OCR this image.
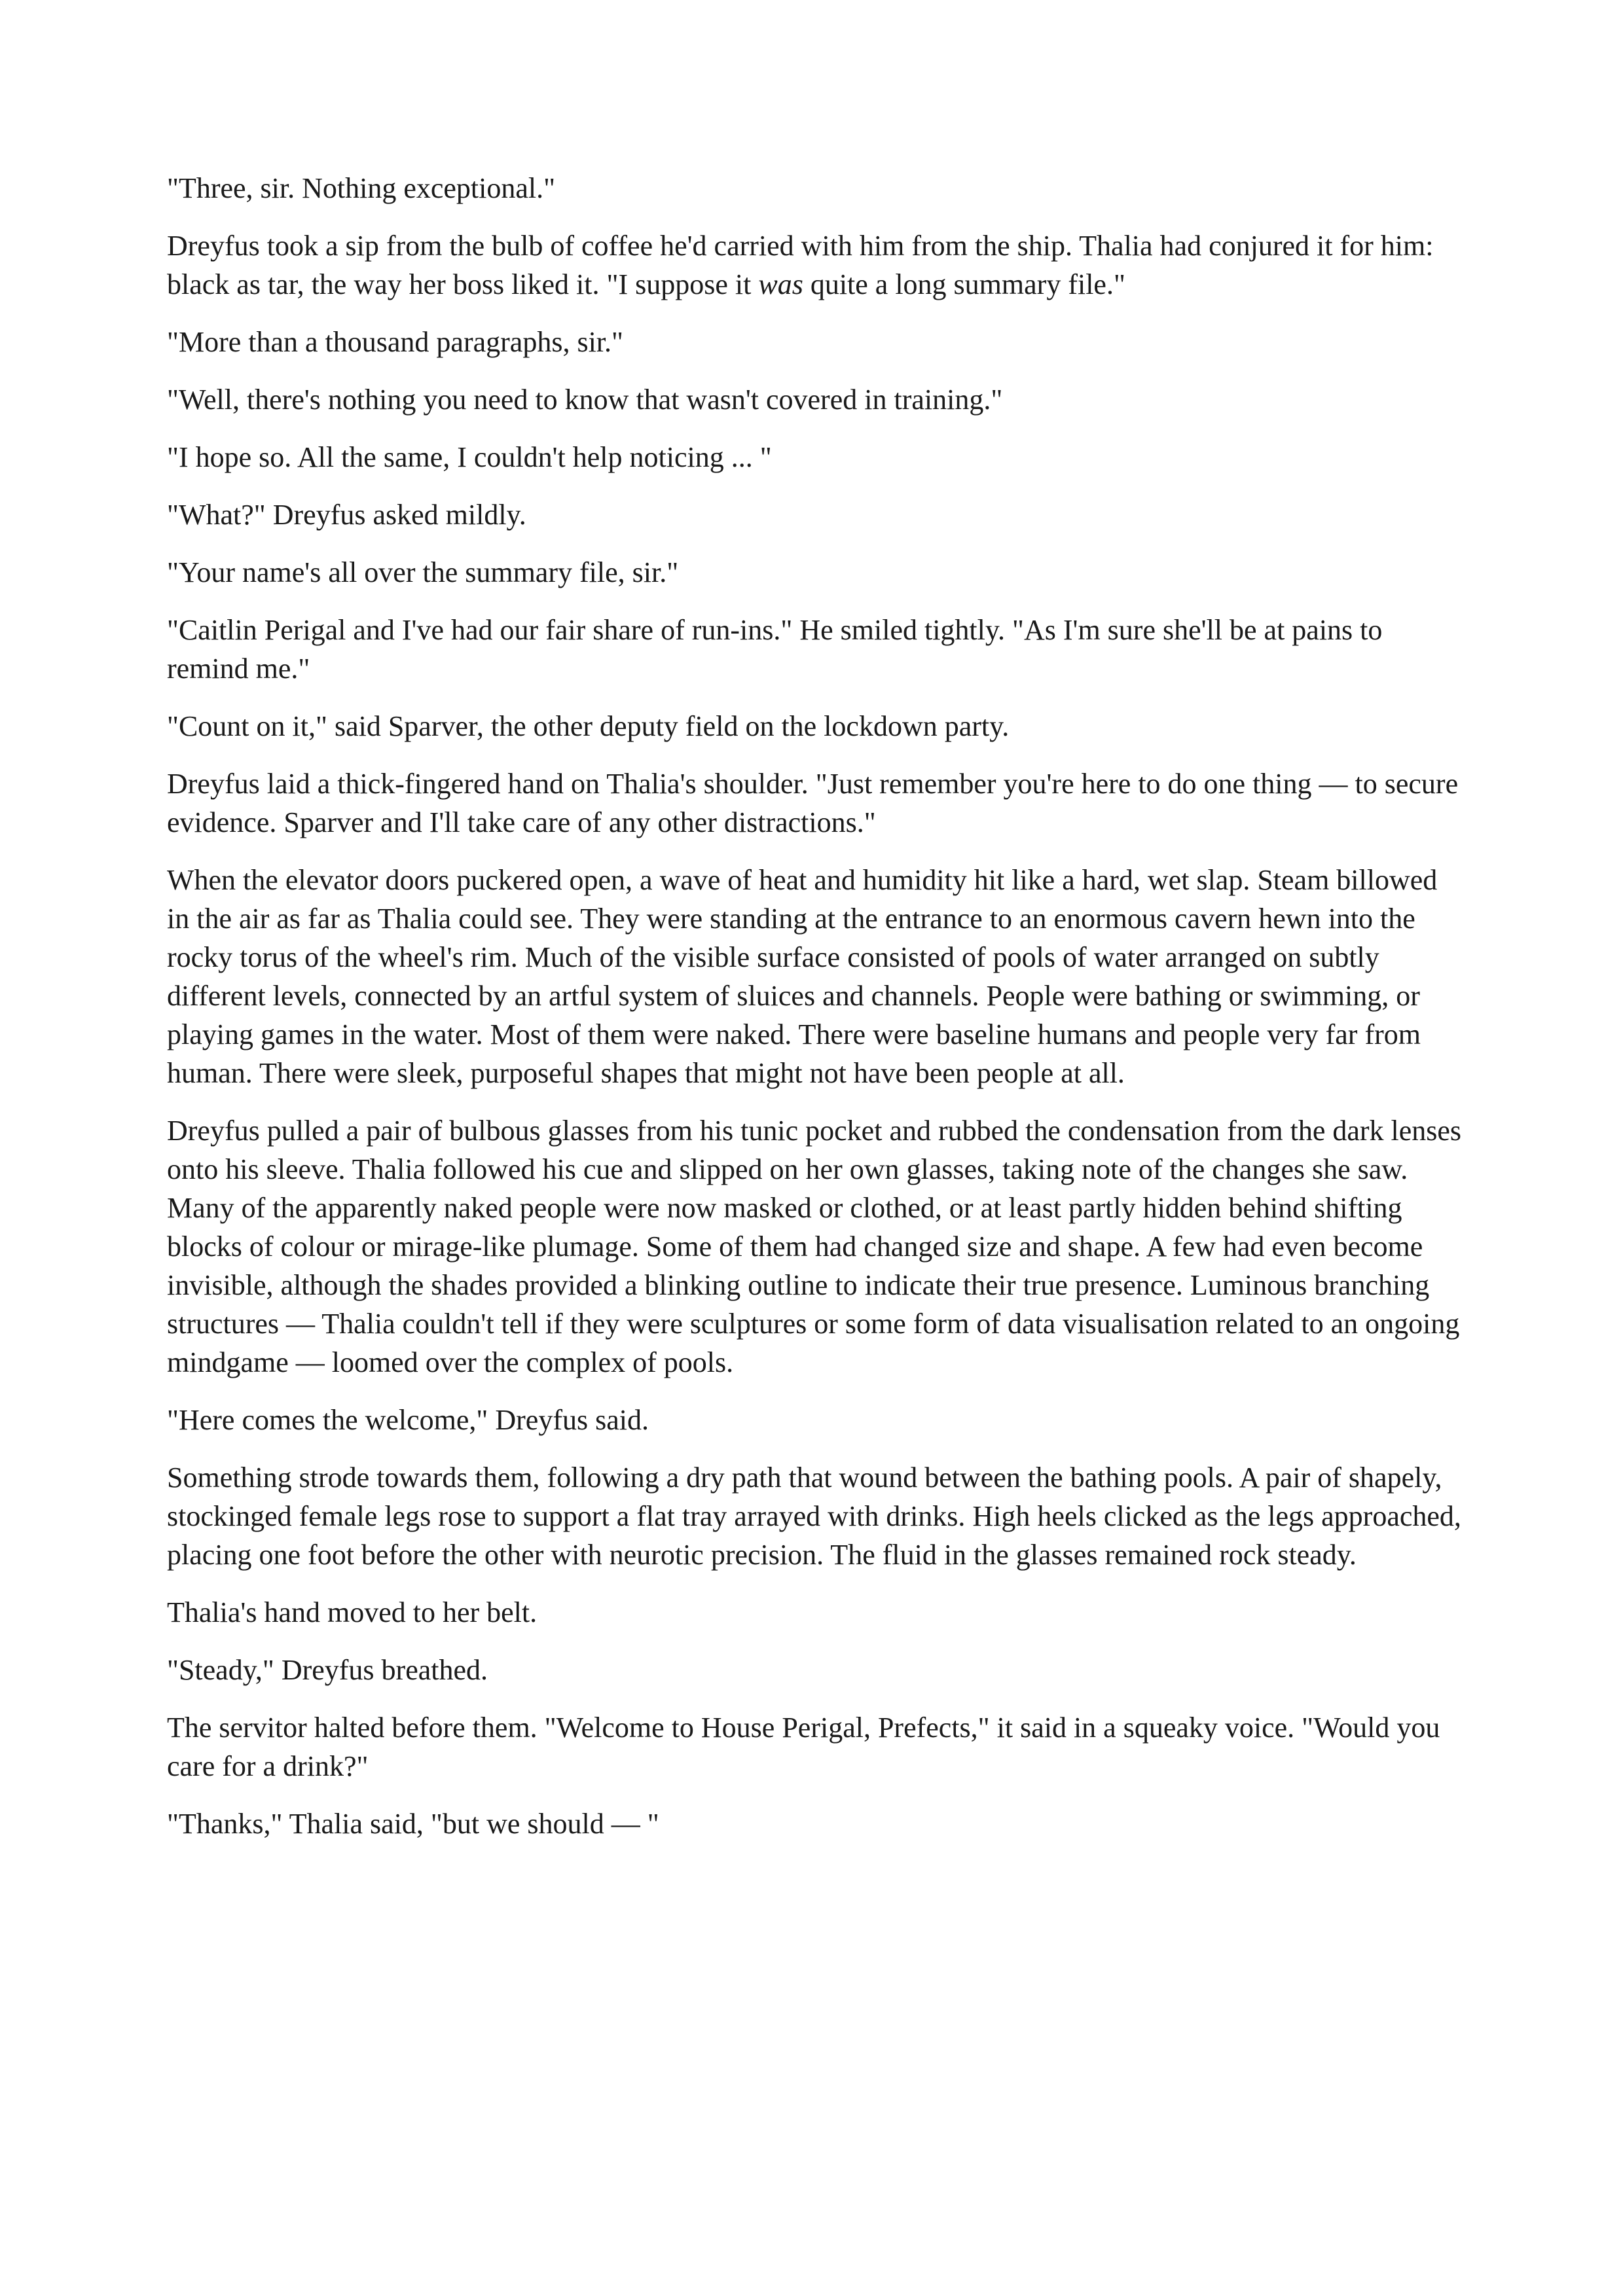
"Three, sir. Nothing exceptional."

Dreyfus took a sip from the bulb of coffee he'd carried with him from the ship. Thalia had conjured it for him: black as tar, the way her boss liked it. "I suppose it was quite a long summary file."

"More than a thousand paragraphs, sir."

"Well, there's nothing you need to know that wasn't covered in training."

"I hope so. All the same, I couldn't help noticing ... "

"What?" Dreyfus asked mildly.

"Your name's all over the summary file, sir."

"Caitlin Perigal and I've had our fair share of run-ins." He smiled tightly. "As I'm sure she'll be at pains to remind me."

"Count on it," said Sparver, the other deputy field on the lockdown party.

Dreyfus laid a thick-fingered hand on Thalia's shoulder. "Just remember you're here to do one thing — to secure evidence. Sparver and I'll take care of any other distractions."

When the elevator doors puckered open, a wave of heat and humidity hit like a hard, wet slap. Steam billowed in the air as far as Thalia could see. They were standing at the entrance to an enormous cavern hewn into the rocky torus of the wheel's rim. Much of the visible surface consisted of pools of water arranged on subtly different levels, connected by an artful system of sluices and channels. People were bathing or swimming, or playing games in the water. Most of them were naked. There were baseline humans and people very far from human. There were sleek, purposeful shapes that might not have been people at all.

Dreyfus pulled a pair of bulbous glasses from his tunic pocket and rubbed the condensation from the dark lenses onto his sleeve. Thalia followed his cue and slipped on her own glasses, taking note of the changes she saw. Many of the apparently naked people were now masked or clothed, or at least partly hidden behind shifting blocks of colour or mirage-like plumage. Some of them had changed size and shape. A few had even become invisible, although the shades provided a blinking outline to indicate their true presence. Luminous branching structures — Thalia couldn't tell if they were sculptures or some form of data visualisation related to an ongoing mindgame — loomed over the complex of pools.

"Here comes the welcome," Dreyfus said.

Something strode towards them, following a dry path that wound between the bathing pools. A pair of shapely, stockinged female legs rose to support a flat tray arrayed with drinks. High heels clicked as the legs approached, placing one foot before the other with neurotic precision. The fluid in the glasses remained rock steady.

Thalia's hand moved to her belt.

"Steady," Dreyfus breathed.

The servitor halted before them. "Welcome to House Perigal, Prefects," it said in a squeaky voice. "Would you care for a drink?"

"Thanks," Thalia said, "but we should — "
